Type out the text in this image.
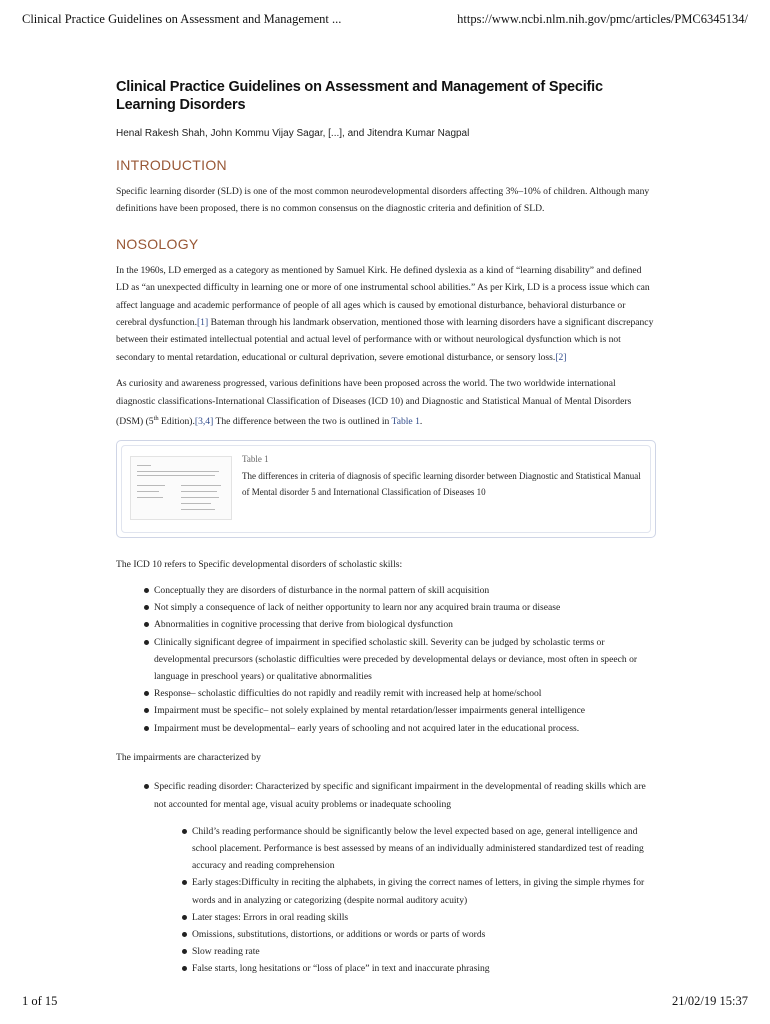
Clinical Practice Guidelines on Assessment and Management ...	https://www.ncbi.nlm.nih.gov/pmc/articles/PMC6345134/
Clinical Practice Guidelines on Assessment and Management of Specific Learning Disorders
Henal Rakesh Shah, John Kommu Vijay Sagar, [...], and Jitendra Kumar Nagpal
INTRODUCTION

Specific learning disorder (SLD) is one of the most common neurodevelopmental disorders affecting 3%–10% of children. Although many definitions have been proposed, there is no common consensus on the diagnostic criteria and definition of SLD.

NOSOLOGY

In the 1960s, LD emerged as a category as mentioned by Samuel Kirk. He defined dyslexia as a kind of “learning disability” and defined LD as “an unexpected difficulty in learning one or more of one instrumental school abilities.” As per Kirk, LD is a process issue which can affect language and academic performance of people of all ages which is caused by emotional disturbance, behavioral disturbance or cerebral dysfunction.[1] Bateman through his landmark observation, mentioned those with learning disorders have a significant discrepancy between their estimated intellectual potential and actual level of performance with or without neurological dysfunction which is not secondary to mental retardation, educational or cultural deprivation, severe emotional disturbance, or sensory loss.[2]

As curiosity and awareness progressed, various definitions have been proposed across the world. The two worldwide international diagnostic classifications-International Classification of Diseases (ICD 10) and Diagnostic and Statistical Manual of Mental Disorders (DSM) (5th Edition).[3,4] The difference between the two is outlined in Table 1.

Table 1
The differences in criteria of diagnosis of specific learning disorder between Diagnostic and Statistical Manual of Mental disorder 5 and International Classification of Diseases 10

The ICD 10 refers to Specific developmental disorders of scholastic skills:

Conceptually they are disorders of disturbance in the normal pattern of skill acquisition
Not simply a consequence of lack of neither opportunity to learn nor any acquired brain trauma or disease
Abnormalities in cognitive processing that derive from biological dysfunction
Clinically significant degree of impairment in specified scholastic skill. Severity can be judged by scholastic terms or developmental precursors (scholastic difficulties were preceded by developmental delays or deviance, most often in speech or language in preschool years) or qualitative abnormalities
Response– scholastic difficulties do not rapidly and readily remit with increased help at home/school
Impairment must be specific– not solely explained by mental retardation/lesser impairments general intelligence
Impairment must be developmental– early years of schooling and not acquired later in the educational process.

The impairments are characterized by

Specific reading disorder: Characterized by specific and significant impairment in the developmental of reading skills which are not accounted for mental age, visual acuity problems or inadequate schooling
Child’s reading performance should be significantly below the level expected based on age, general intelligence and school placement. Performance is best assessed by means of an individually administered standardized test of reading accuracy and reading comprehension
Early stages:Difficulty in reciting the alphabets, in giving the correct names of letters, in giving the simple rhymes for words and in analyzing or categorizing (despite normal auditory acuity)
Later stages: Errors in oral reading skills
Omissions, substitutions, distortions, or additions or words or parts of words
Slow reading rate
False starts, long hesitations or “loss of place” in text and inaccurate phrasing
1 of 15	21/02/19 15:37
